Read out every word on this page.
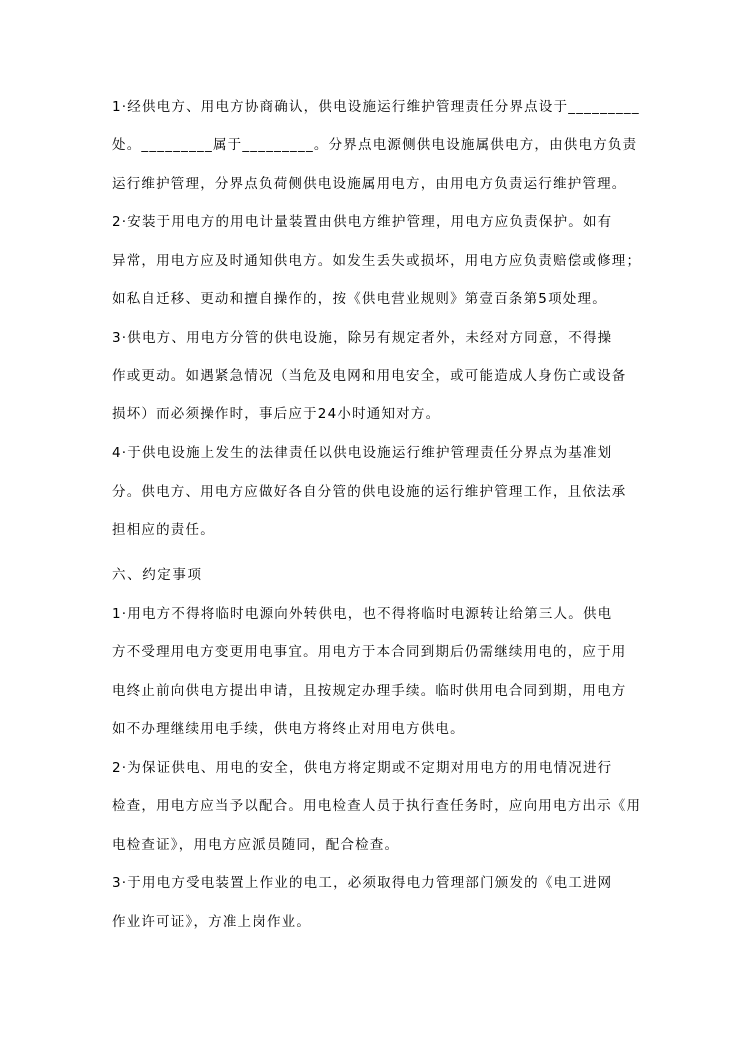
1·经供电方、用电方协商确认，供电设施运行维护管理责任分界点设于_________
处。_________属于_________。分界点电源侧供电设施属供电方，由供电方负责
运行维护管理，分界点负荷侧供电设施属用电方，由用电方负责运行维护管理。
2·安装于用电方的用电计量装置由供电方维护管理，用电方应负责保护。如有
异常，用电方应及时通知供电方。如发生丢失或损坏，用电方应负责赔偿或修理；
如私自迁移、更动和擅自操作的，按《供电营业规则》第壹百条第5项处理。
3·供电方、用电方分管的供电设施，除另有规定者外，未经对方同意，不得操
作或更动。如遇紧急情况（当危及电网和用电安全，或可能造成人身伤亡或设备
损坏）而必须操作时，事后应于24小时通知对方。
4·于供电设施上发生的法律责任以供电设施运行维护管理责任分界点为基准划
分。供电方、用电方应做好各自分管的供电设施的运行维护管理工作，且依法承
担相应的责任。
六、约定事项
1·用电方不得将临时电源向外转供电，也不得将临时电源转让给第三人。供电
方不受理用电方变更用电事宜。用电方于本合同到期后仍需继续用电的，应于用
电终止前向供电方提出申请，且按规定办理手续。临时供用电合同到期，用电方
如不办理继续用电手续，供电方将终止对用电方供电。
2·为保证供电、用电的安全，供电方将定期或不定期对用电方的用电情况进行
检查，用电方应当予以配合。用电检查人员于执行查任务时，应向用电方出示《用
电检查证》，用电方应派员随同，配合检查。
3·于用电方受电装置上作业的电工，必须取得电力管理部门颁发的《电工进网
作业许可证》，方准上岗作业。
